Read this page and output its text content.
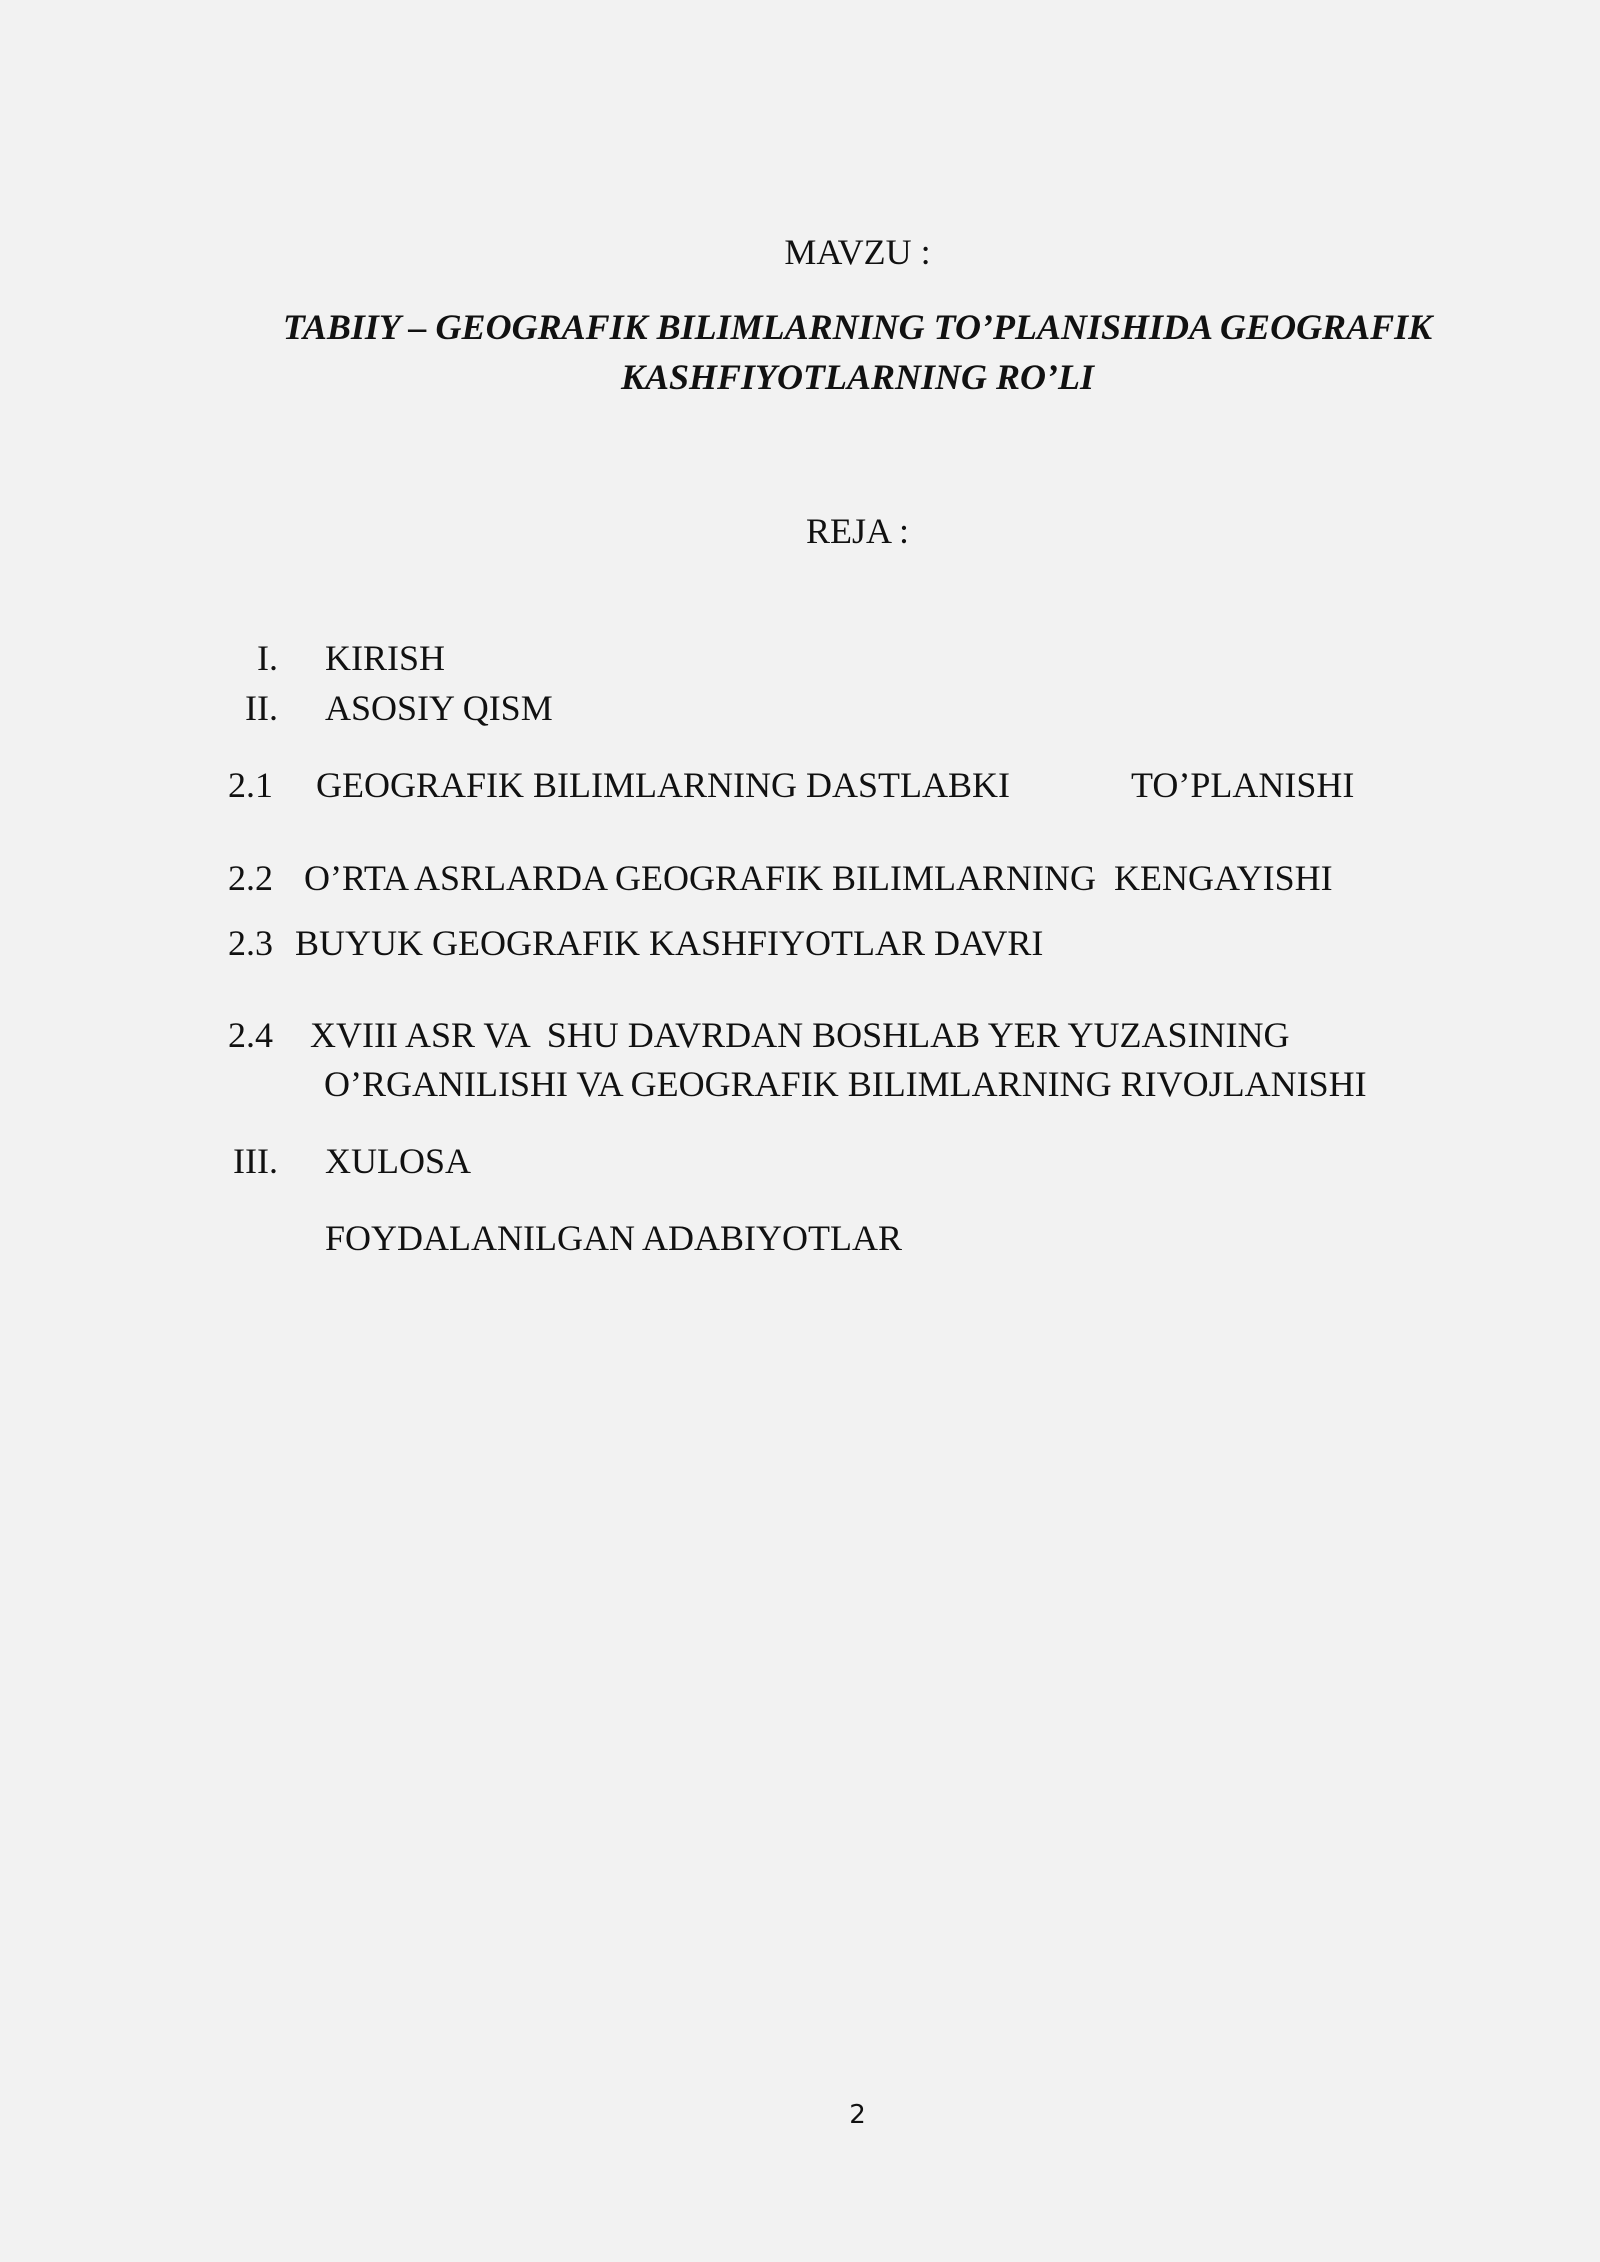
MAVZU :
TABIIY – GEOGRAFIK BILIMLARNING TO’PLANISHIDA GEOGRAFIK
KASHFIYOTLARNING RO’LI
REJA :
I. KIRISH
II. ASOSIY QISM
2.1 GEOGRAFIK BILIMLARNING DASTLABKI	TO’PLANISHI
2.2 O’RTA ASRLARDA GEOGRAFIK BILIMLARNING  KENGAYISHI
2.3 BUYUK GEOGRAFIK KASHFIYOTLAR DAVRI
2.4 XVIII ASR VA  SHU DAVRDAN BOSHLAB YER YUZASINING
O’RGANILISHI VA GEOGRAFIK BILIMLARNING RIVOJLANISHI
III. XULOSA
FOYDALANILGAN ADABIYOTLAR
2
